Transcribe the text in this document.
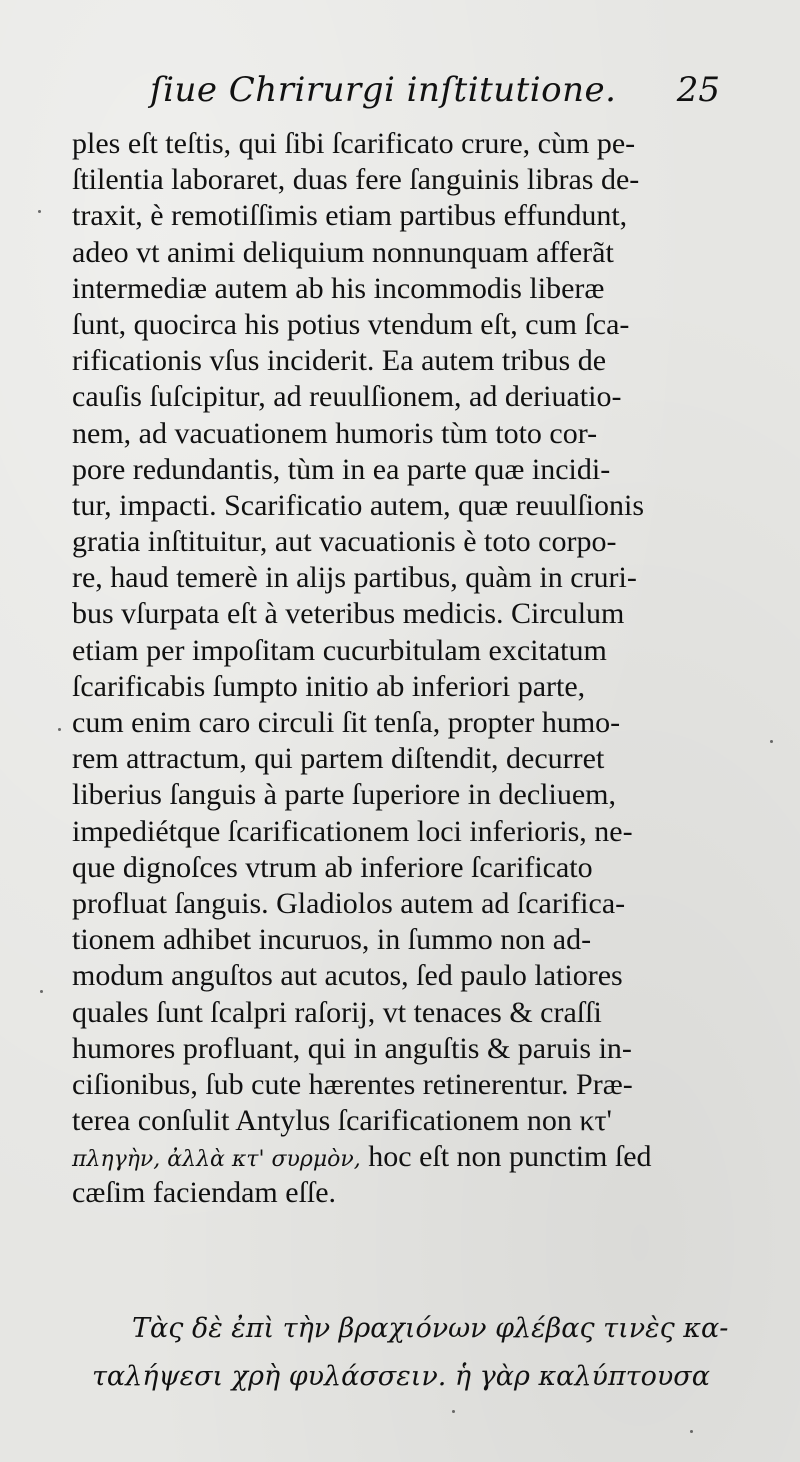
ſiue Chrirurgi inſtitutione. 25
ples eſt teſtis, qui ſibi ſcarificato crure, cùm pe-
ſtilentia laboraret, duas fere ſanguinis libras de-
traxit, è remotiſſimis etiam partibus effundunt,
adeo vt animi deliquium nonnunquam afferãt
intermediæ autem ab his incommodis liberæ
ſunt, quocirca his potius vtendum eſt, cum ſca-
rificationis vſus inciderit. Ea autem tribus de
cauſis ſuſcipitur, ad reuulſionem, ad deriuatio-
nem, ad vacuationem humoris tùm toto cor-
pore redundantis, tùm in ea parte quæ incidi-
tur, impacti. Scarificatio autem, quæ reuulſionis
gratia inſtituitur, aut vacuationis è toto corpo-
re, haud temerè in alijs partibus, quàm in cruri-
bus vſurpata eſt à veteribus medicis. Circulum
etiam per impoſitam cucurbitulam excitatum
ſcarificabis ſumpto initio ab inferiori parte,
cum enim caro circuli ſit tenſa, propter humo-
rem attractum, qui partem diſtendit, decurret
liberius ſanguis à parte ſuperiore in decliuem,
impediétque ſcarificationem loci inferioris, ne-
que dignoſces vtrum ab inferiore ſcarificato
profluat ſanguis. Gladiolos autem ad ſcarifica-
tionem adhibet incuruos, in ſummo non ad-
modum anguſtos aut acutos, ſed paulo latiores
quales ſunt ſcalpri raſorij, vt tenaces & craſſi
humores profluant, qui in anguſtis & paruis in-
ciſionibus, ſub cute hærentes retinerentur. Præ-
terea conſulit Antylus ſcarificationem non κτ'
πληγὴν, ἀλλὰ κτ' συρμὸν, hoc eſt non punctim ſed
cæſim faciendam eſſe.
Τὰς δὲ ἐπὶ τὴν βραχιόνων φλέβας τινὲς κα-
ταλήψεσι χρὴ φυλάσσειν. ἡ γὰρ καλύπτουσα
